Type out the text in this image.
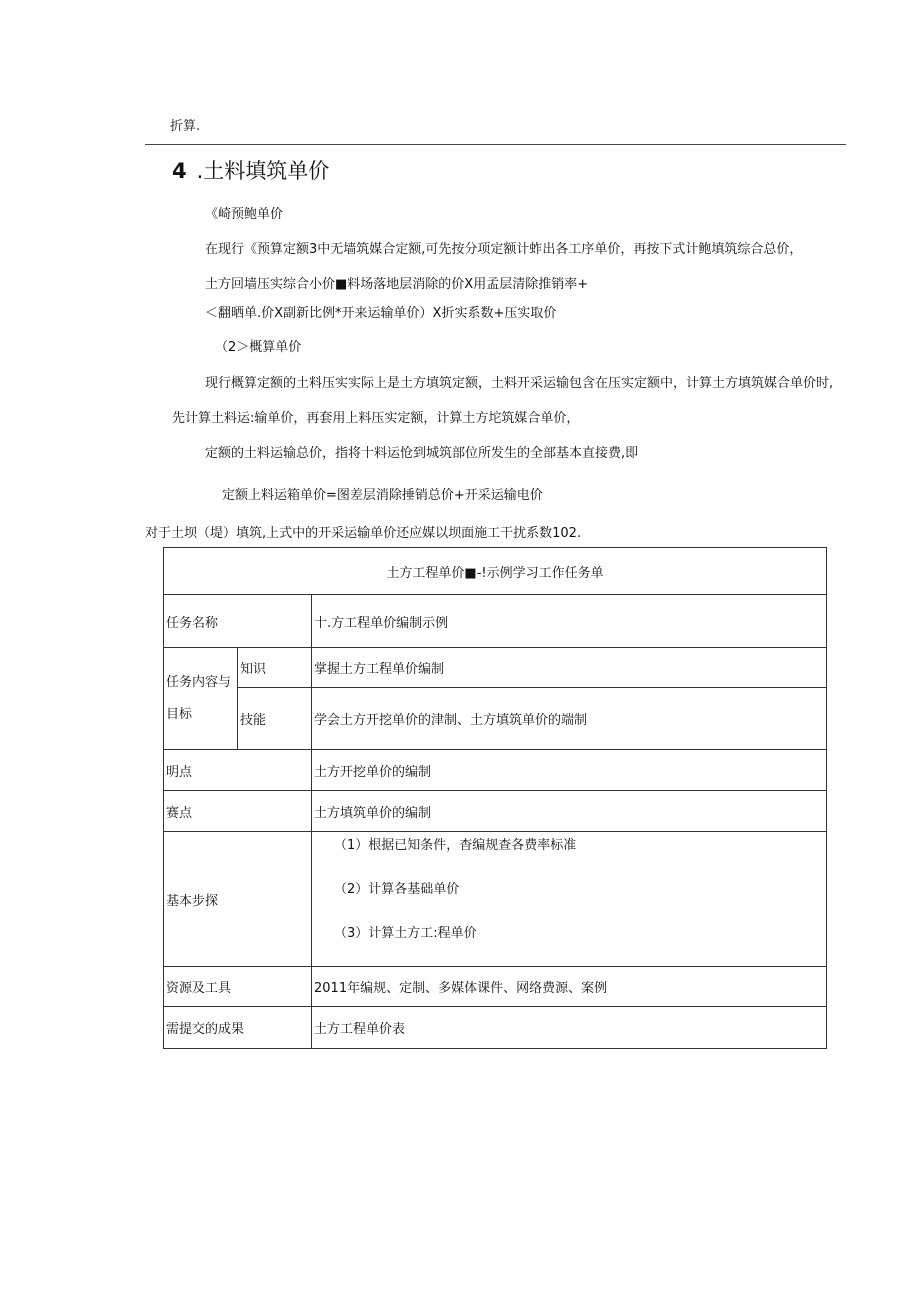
折算.
4 .土料填筑单价
《崎预鲍单价
在现行《预算定额3中无墙筑媒合定额,可先按分项定额计蚱出各工序单价，再按下式计鲍填筑综合总价，
土方回墙压实综合小价■料场落地层消除的价X用孟层清除推销率+
＜翻晒单.价X副新比例*开来运输单价）X折实系数+压实取价
（2＞概算单价
现行概算定额的土料压实实际上是土方填筑定额，土料开采运输包含在压实定额中，计算土方填筑媒合单价时,
先计算土料运:输单价，再套用上料压实定额，计算土方坨筑媒合单价，
定额的土料运输总价，指将十料运怆到城筑部位所发生的全部基本直接费,即
定额上料运箱单价=图差层消除捶销总价+开采运输电价
对于土坝（堤）填筑,上式中的开采运输单价还应媒以坝面施工干扰系数102.
土方工程单价■-!示例学习工作任务单		
任务名称		十.方工程单价编制示例
任务内容与目标	知识	掌握土方工程单价编制
	技能	学会土方开挖单价的津制、土方填筑单价的端制
明点		土方开挖单价的编制
赛点		土方填筑单价的编制
基本步探		（1）根据已知条件，杳编规查各费率标准
（2）计算各基础单价
（3）计算土方工:程单价

资源及工具		2011年编规、定制、多媒体课件、网络费源、案例
需提交的成果		土方工程单价表
